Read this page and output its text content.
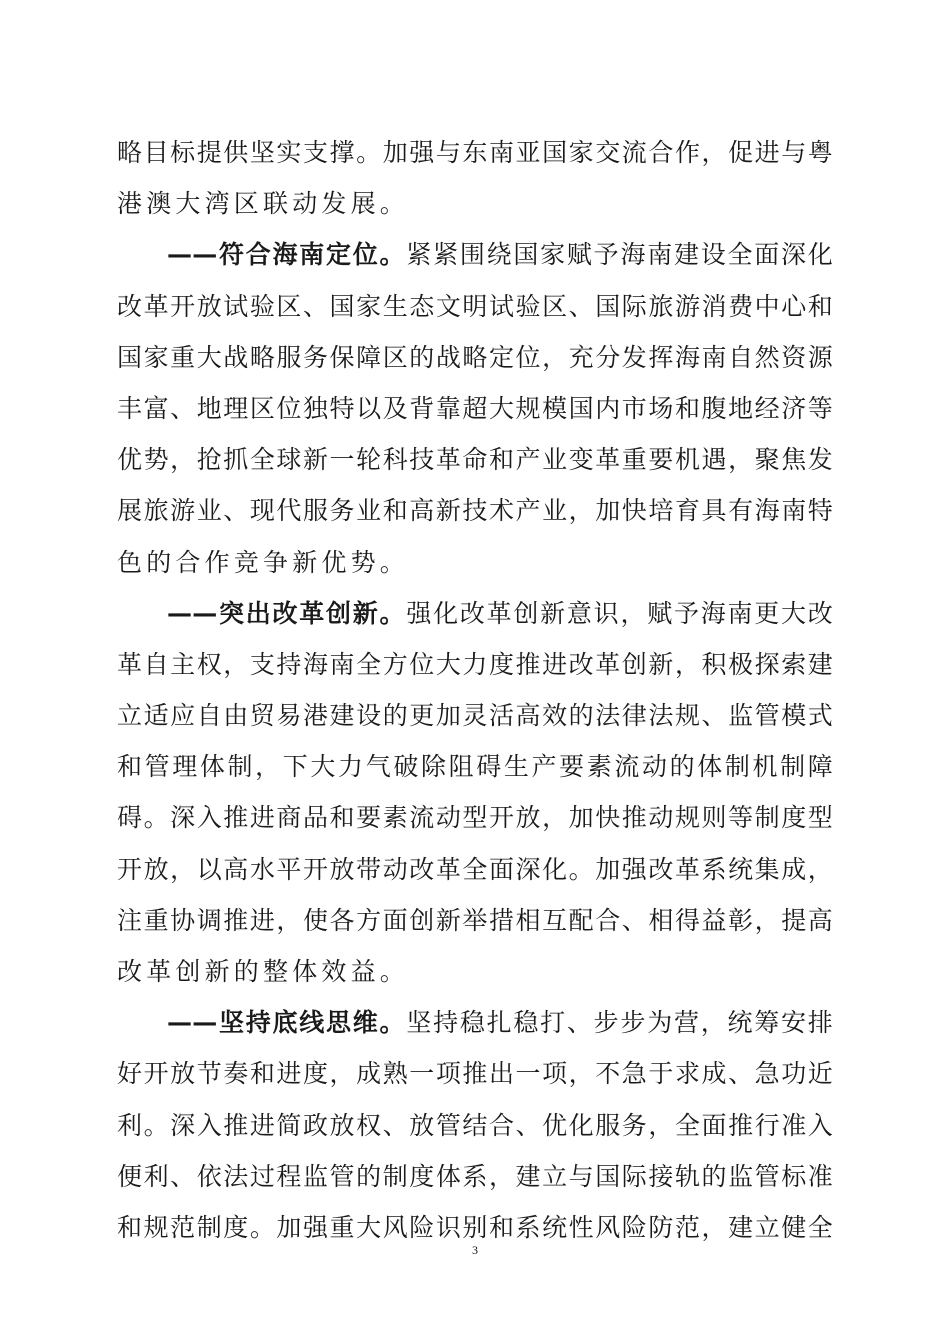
略目标提供坚实支撑。加强与东南亚国家交流合作，促进与粤
港澳大湾区联动发展。
——符合海南定位。紧紧围绕国家赋予海南建设全面深化
改革开放试验区、国家生态文明试验区、国际旅游消费中心和
国家重大战略服务保障区的战略定位，充分发挥海南自然资源
丰富、地理区位独特以及背靠超大规模国内市场和腹地经济等
优势，抢抓全球新一轮科技革命和产业变革重要机遇，聚焦发
展旅游业、现代服务业和高新技术产业，加快培育具有海南特
色的合作竞争新优势。
——突出改革创新。强化改革创新意识，赋予海南更大改
革自主权，支持海南全方位大力度推进改革创新，积极探索建
立适应自由贸易港建设的更加灵活高效的法律法规、监管模式
和管理体制，下大力气破除阻碍生产要素流动的体制机制障
碍。深入推进商品和要素流动型开放，加快推动规则等制度型
开放，以高水平开放带动改革全面深化。加强改革系统集成，
注重协调推进，使各方面创新举措相互配合、相得益彰，提高
改革创新的整体效益。
——坚持底线思维。坚持稳扎稳打、步步为营，统筹安排
好开放节奏和进度，成熟一项推出一项，不急于求成、急功近
利。深入推进简政放权、放管结合、优化服务，全面推行准入
便利、依法过程监管的制度体系，建立与国际接轨的监管标准
和规范制度。加强重大风险识别和系统性风险防范，建立健全
3
